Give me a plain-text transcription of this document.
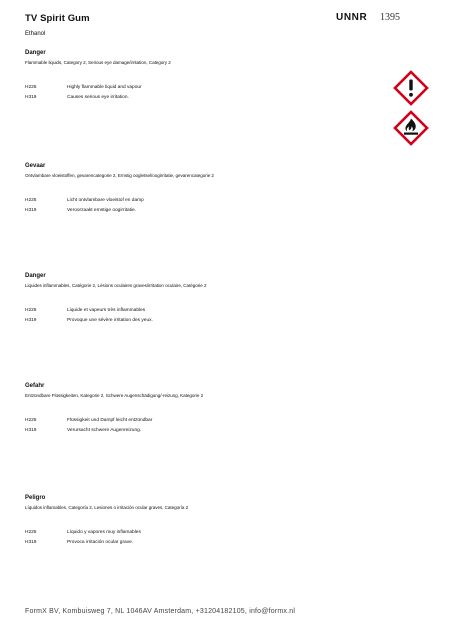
TV Spirit Gum
Ethanol
UNNR 1395

Danger

Flammable liquids, Category 2, Serious eye damage/irritation, Category 2

H225	Highly flammable liquid and vapour
H319	Causes serious eye irritation.

Gevaar

Ontvlambare vloeistoffen, gevarencategorie 2, Ernstig oogletsel/oogirritatie, gevarencategorie 2

H225	Licht ontvlambare vloeistof en damp
H319	Veroorzaakt ernstige oogirritatie.

Danger

Liquides inflammables, Catégorie 2, Lésions oculaires graves/irritation oculaire, Catégorie 2

H225	Liquide et vapeurs très inflammables
H319	Provoque une sévère irritation des yeux.

Gefahr

Entzündbare Flüssigkeiten, Kategorie 2, Schwere Augenschädigung/-reizung, Kategorie 2

H225	Flüssigkeit und Dampf leicht entzündbar
H319	Verursacht schwere Augenreizung.

Peligro

Líquidos inflamables, Categoría 2, Lesiones o irritación ocular graves, Categoría 2

H225	Líquido y vapores muy inflamables
H319	Provoca irritación ocular grave.
FormX BV, Kombuisweg 7, NL 1046AV Amsterdam, +31204182105, info@formx.nl
